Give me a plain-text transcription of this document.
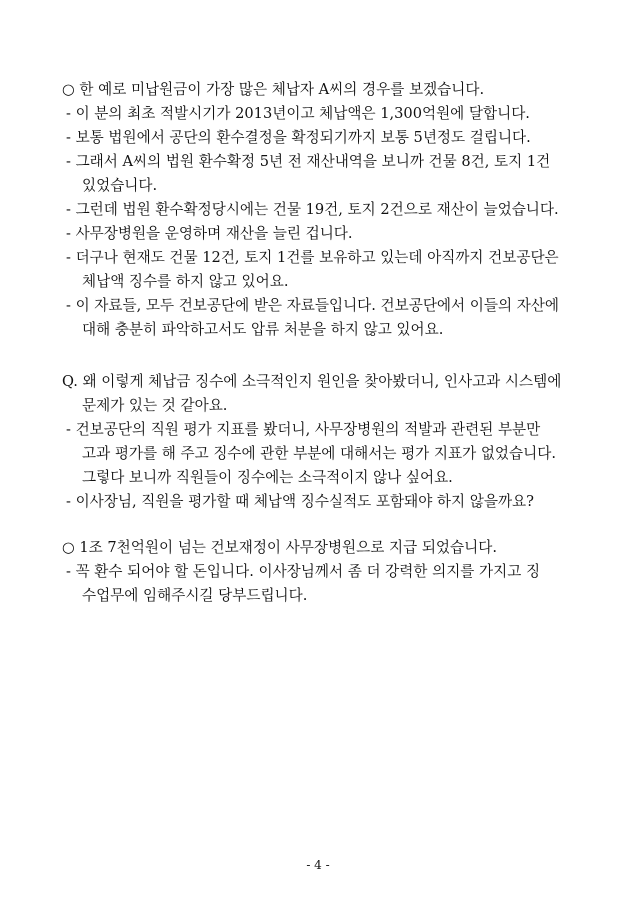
○ 한 예로 미납원금이 가장 많은 체납자 A씨의 경우를 보겠습니다.
- 이 분의 최초 적발시기가 2013년이고 체납액은 1,300억원에 달합니다.
- 보통 법원에서 공단의 환수결정을 확정되기까지 보통 5년정도 걸립니다.
- 그래서 A씨의 법원 환수확정 5년 전 재산내역을 보니까 건물 8건, 토지 1건
있었습니다.
- 그런데 법원 환수확정당시에는 건물 19건, 토지 2건으로 재산이 늘었습니다.
- 사무장병원을 운영하며 재산을 늘린 겁니다.
- 더구나 현재도 건물 12건, 토지 1건를 보유하고 있는데 아직까지 건보공단은
체납액 징수를 하지 않고 있어요.
- 이 자료들, 모두 건보공단에 받은 자료들입니다. 건보공단에서 이들의 자산에
대해 충분히 파악하고서도 압류 처분을 하지 않고 있어요.
Q. 왜 이렇게 체납금 징수에 소극적인지 원인을 찾아봤더니, 인사고과 시스템에
문제가 있는 것 같아요.
- 건보공단의 직원 평가 지표를 봤더니, 사무장병원의 적발과 관련된 부분만
고과 평가를 해 주고 징수에 관한 부분에 대해서는 평가 지표가 없었습니다.
그렇다 보니까 직원들이 징수에는 소극적이지 않나 싶어요.
- 이사장님, 직원을 평가할 때 체납액 징수실적도 포함돼야 하지 않을까요?
○ 1조 7천억원이 넘는 건보재정이 사무장병원으로 지급 되었습니다.
- 꼭 환수 되어야 할 돈입니다. 이사장님께서 좀 더 강력한 의지를 가지고 징
수업무에 임해주시길 당부드립니다.
- 4 -
